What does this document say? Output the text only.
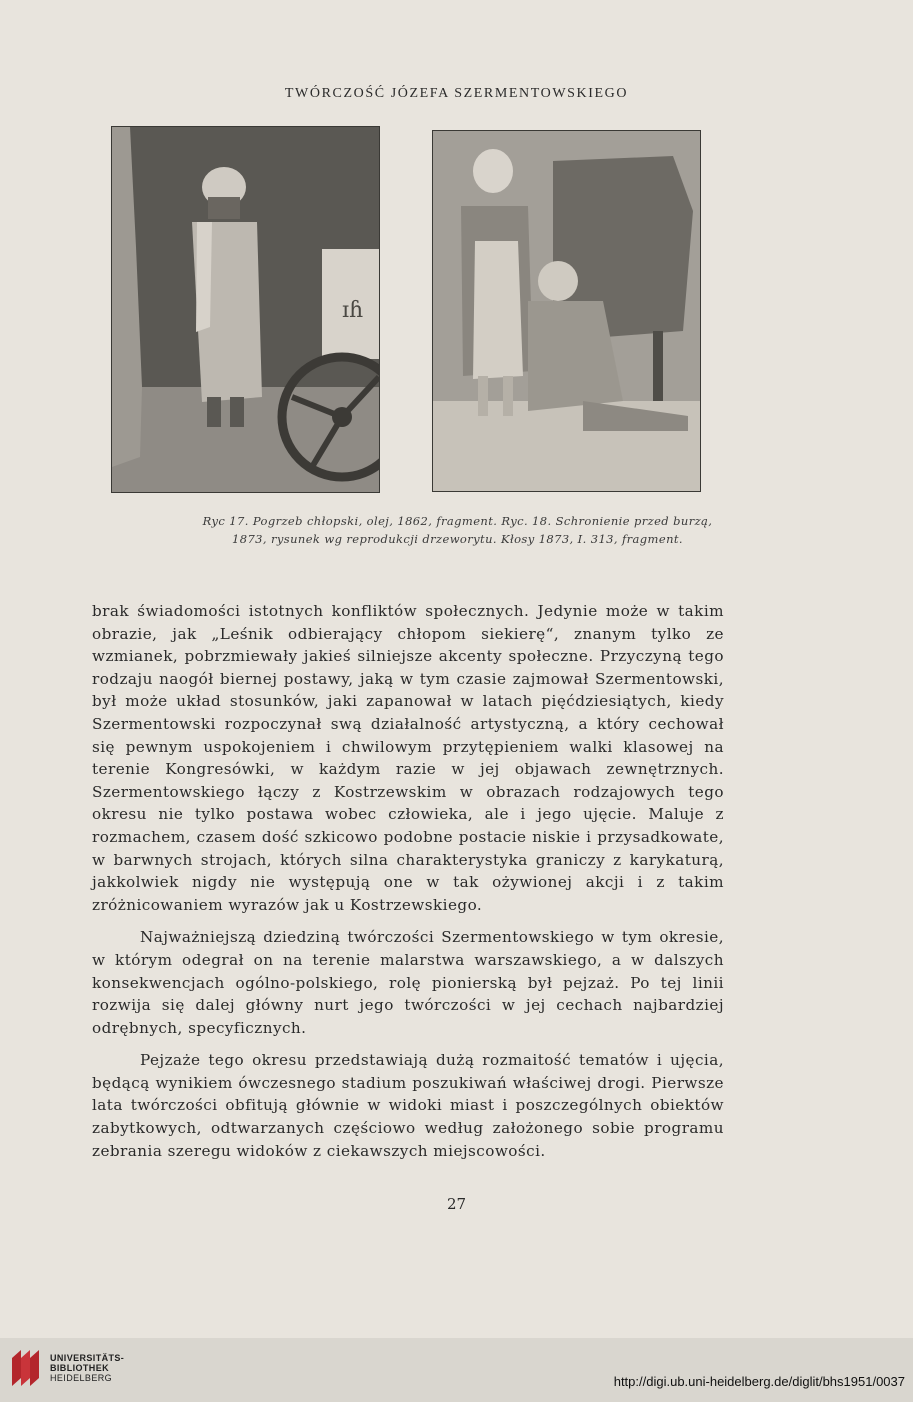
TWÓRCZOŚĆ JÓZEFA SZERMENTOWSKIEGO
ɪɦ
Ryc 17. Pogrzeb chłopski, olej, 1862, fragment. Ryc. 18. Schronienie przed burzą,
1873, rysunek wg reprodukcji drzeworytu. Kłosy 1873, I. 313, fragment.

brak świadomości istotnych konfliktów społecznych. Jedynie może w takim obrazie, jak „Leśnik odbierający chłopom siekierę“, znanym tylko ze wzmianek, pobrzmiewały jakieś silniejsze akcenty społeczne. Przyczyną tego rodzaju naogół biernej postawy, jaką w tym czasie zajmował Szermentowski, był może układ stosunków, jaki zapanował w latach pięćdziesiątych, kiedy Szermentowski rozpoczynał swą działalność artystyczną, a który cechował się pewnym uspokojeniem i chwilowym przytępieniem walki klasowej na terenie Kongresówki, w każdym razie w jej objawach zewnętrznych. Szermentowskiego łączy z Kostrzewskim w obrazach rodzajowych tego okresu nie tylko postawa wobec człowieka, ale i jego ujęcie. Maluje z rozmachem, czasem dość szkicowo podobne postacie niskie i przysadkowate, w barwnych strojach, których silna charakterystyka graniczy z karykaturą, jakkolwiek nigdy nie występują one w tak ożywionej akcji i z takim zróżnicowaniem wyrazów jak u Kostrzewskiego.

Najważniejszą dziedziną twórczości Szermentowskiego w tym okresie, w którym odegrał on na terenie malarstwa warszawskiego, a w dalszych konsekwencjach ogólno-polskiego, rolę pionierską był pejzaż. Po tej linii rozwija się dalej główny nurt jego twórczości w jej cechach najbardziej odrębnych, specyficznych.

Pejzaże tego okresu przedstawiają dużą rozmaitość tematów i ujęcia, będącą wynikiem ówczesnego stadium poszukiwań właściwej drogi. Pierwsze lata twórczości obfitują głównie w widoki miast i poszczególnych obiektów zabytkowych, odtwarzanych częściowo według założonego sobie programu zebrania szeregu widoków z ciekawszych miejscowości.

27
UNIVERSITÄTS-
BIBLIOTHEK
HEIDELBERG	http://digi.ub.uni-heidelberg.de/diglit/bhs1951/0037
